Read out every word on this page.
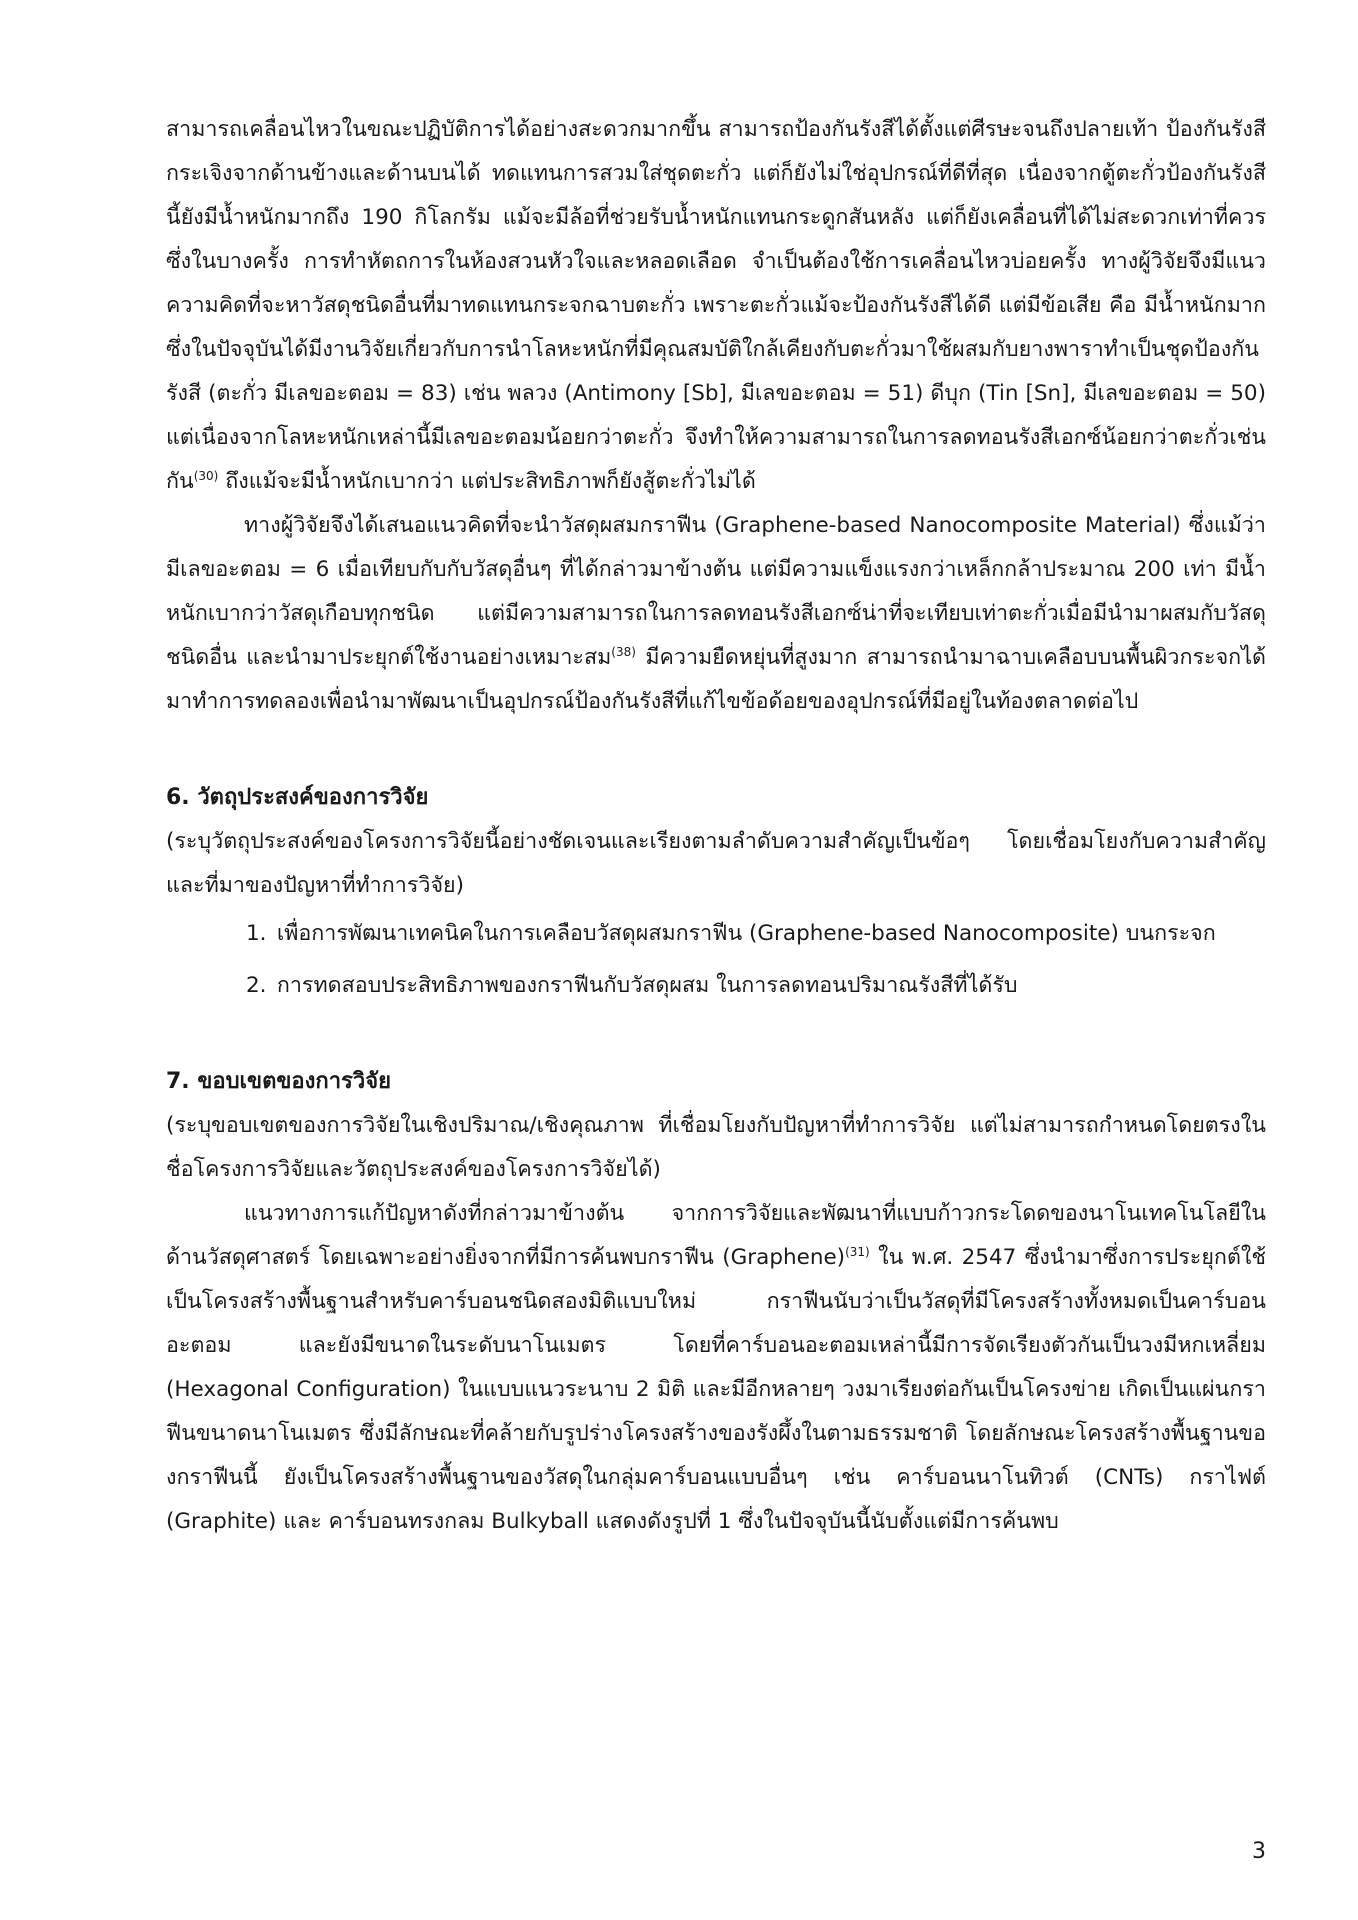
สามารถเคลื่อนไหวในขณะปฏิบัติการได้อย่างสะดวกมากขึ้น สามารถป้องกันรังสีได้ตั้งแต่ศีรษะจนถึงปลายเท้า ป้องกันรังสีกระเจิงจากด้านข้างและด้านบนได้ ทดแทนการสวมใส่ชุดตะกั่ว แต่ก็ยังไม่ใช่อุปกรณ์ที่ดีที่สุด เนื่องจากตู้ตะกั่วป้องกันรังสีนี้ยังมีน้ำหนักมากถึง 190 กิโลกรัม แม้จะมีล้อที่ช่วยรับน้ำหนักแทนกระดูกสันหลัง แต่ก็ยังเคลื่อนที่ได้ไม่สะดวกเท่าที่ควร ซึ่งในบางครั้ง การทำหัตถการในห้องสวนหัวใจและหลอดเลือด จำเป็นต้องใช้การเคลื่อนไหวบ่อยครั้ง ทางผู้วิจัยจึงมีแนวความคิดที่จะหาวัสดุชนิดอื่นที่มาทดแทนกระจกฉาบตะกั่ว เพราะตะกั่วแม้จะป้องกันรังสีได้ดี แต่มีข้อเสีย คือ มีน้ำหนักมาก ซึ่งในปัจจุบันได้มีงานวิจัยเกี่ยวกับการนำโลหะหนักที่มีคุณสมบัติใกล้เคียงกับตะกั่วมาใช้ผสมกับยางพาราทำเป็นชุดป้องกันรังสี (ตะกั่ว มีเลขอะตอม = 83) เช่น พลวง (Antimony [Sb], มีเลขอะตอม = 51) ดีบุก (Tin [Sn], มีเลขอะตอม = 50) แต่เนื่องจากโลหะหนักเหล่านี้มีเลขอะตอมน้อยกว่าตะกั่ว จึงทำให้ความสามารถในการลดทอนรังสีเอกซ์น้อยกว่าตะกั่วเช่นกัน$^{(30)}$ ถึงแม้จะมีน้ำหนักเบากว่า แต่ประสิทธิภาพก็ยังสู้ตะกั่วไม่ได้

ทางผู้วิจัยจึงได้เสนอแนวคิดที่จะนำวัสดุผสมกราฟีน (Graphene-based Nanocomposite Material) ซึ่งแม้ว่ามีเลขอะตอม = 6 เมื่อเทียบกับกับวัสดุอื่นๆ ที่ได้กล่าวมาข้างต้น แต่มีความแข็งแรงกว่าเหล็กกล้าประมาณ 200 เท่า มีน้ำหนักเบากว่าวัสดุเกือบทุกชนิด แต่มีความสามารถในการลดทอนรังสีเอกซ์น่าที่จะเทียบเท่าตะกั่วเมื่อมีนำมาผสมกับวัสดุชนิดอื่น และนำมาประยุกต์ใช้งานอย่างเหมาะสม$^{(38)}$ มีความยืดหยุ่นที่สูงมาก สามารถนำมาฉาบเคลือบบนพื้นผิวกระจกได้ มาทำการทดลองเพื่อนำมาพัฒนาเป็นอุปกรณ์ป้องกันรังสีที่แก้ไขข้อด้อยของอุปกรณ์ที่มีอยู่ในท้องตลาดต่อไป

6. วัตถุประสงค์ของการวิจัย

(ระบุวัตถุประสงค์ของโครงการวิจัยนี้อย่างชัดเจนและเรียงตามลำดับความสำคัญเป็นข้อๆ โดยเชื่อมโยงกับความสำคัญและที่มาของปัญหาที่ทำการวิจัย)

1. เพื่อการพัฒนาเทคนิคในการเคลือบวัสดุผสมกราฟีน (Graphene-based Nanocomposite) บนกระจก
2. การทดสอบประสิทธิภาพของกราฟีนกับวัสดุผสม ในการลดทอนปริมาณรังสีที่ได้รับ
7. ขอบเขตของการวิจัย

(ระบุขอบเขตของการวิจัยในเชิงปริมาณ/เชิงคุณภาพ ที่เชื่อมโยงกับปัญหาที่ทำการวิจัย แต่ไม่สามารถกำหนดโดยตรงในชื่อโครงการวิจัยและวัตถุประสงค์ของโครงการวิจัยได้)

แนวทางการแก้ปัญหาดังที่กล่าวมาข้างต้น จากการวิจัยและพัฒนาที่แบบก้าวกระโดดของนาโนเทคโนโลยีในด้านวัสดุศาสตร์ โดยเฉพาะอย่างยิ่งจากที่มีการค้นพบกราฟีน (Graphene)$^{(31)}$ ใน พ.ศ. 2547 ซึ่งนำมาซึ่งการประยุกต์ใช้เป็นโครงสร้างพื้นฐานสำหรับคาร์บอนชนิดสองมิติแบบใหม่ กราฟีนนับว่าเป็นวัสดุที่มีโครงสร้างทั้งหมดเป็นคาร์บอนอะตอม และยังมีขนาดในระดับนาโนเมตร โดยที่คาร์บอนอะตอมเหล่านี้มีการจัดเรียงตัวกันเป็นวงมีหกเหลี่ยม (Hexagonal Configuration) ในแบบแนวระนาบ 2 มิติ และมีอีกหลายๆ วงมาเรียงต่อกันเป็นโครงข่าย เกิดเป็นแผ่นกราฟีนขนาดนาโนเมตร ซึ่งมีลักษณะที่คล้ายกับรูปร่างโครงสร้างของรังผึ้งในตามธรรมชาติ โดยลักษณะโครงสร้างพื้นฐานของกราฟีนนี้ ยังเป็นโครงสร้างพื้นฐานของวัสดุในกลุ่มคาร์บอนแบบอื่นๆ เช่น คาร์บอนนาโนทิวต์ (CNTs) กราไฟต์ (Graphite) และ คาร์บอนทรงกลม Bulkyball แสดงดังรูปที่ 1 ซึ่งในปัจจุบันนี้นับตั้งแต่มีการค้นพบ

3
